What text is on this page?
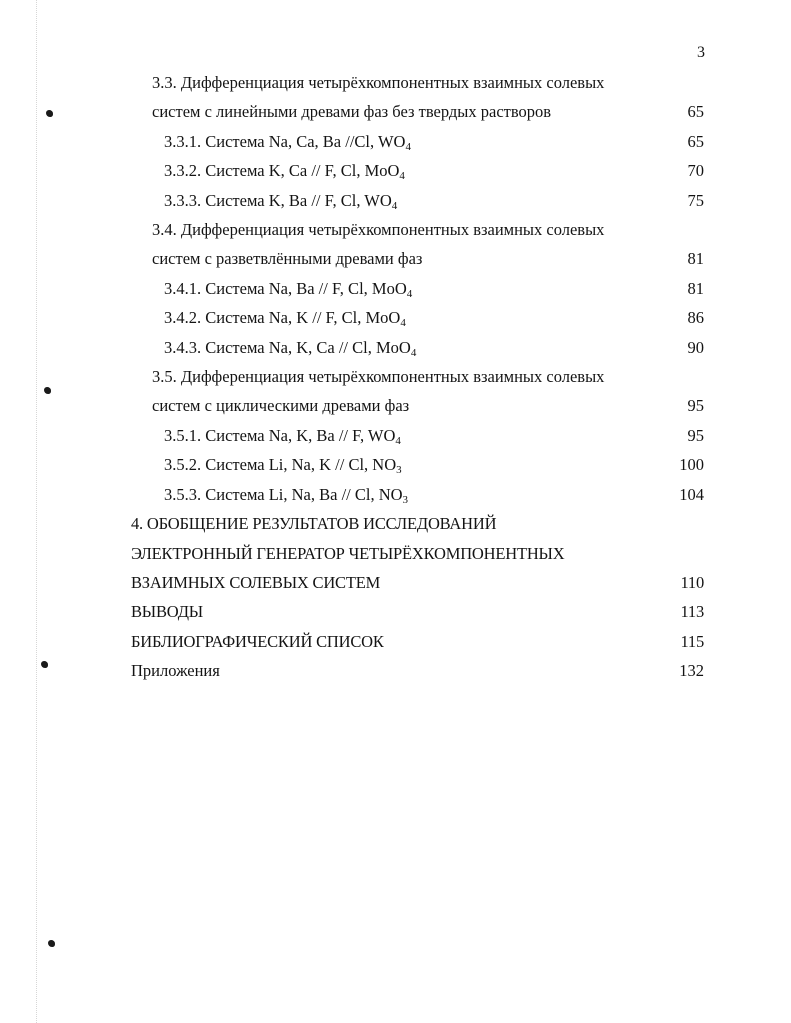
3
3.3. Дифференциация четырёхкомпонентных взаимных солевых
систем с линейными древами фаз без твердых растворов	65
3.3.1. Система Na, Ca, Ba //Cl, $WO_4$	65
3.3.2. Система K, Ca // F, Cl, MoO$_4$	70
3.3.3. Система K, Ba // F, Cl, $WO_4$	75
3.4. Дифференциация четырёхкомпонентных взаимных солевых
систем с разветвлёнными древами фаз	81
3.4.1. Система Na, Ba // F, Cl, MoO$_4$	81
3.4.2. Система Na, K // F, Cl, MoO$_4$	86
3.4.3. Система Na, K, Ca // Cl, MoO$_4$	90
3.5. Дифференциация четырёхкомпонентных взаимных солевых
систем с циклическими древами фаз	95
3.5.1. Система Na, K, Ba // F, $WO_4$	95
3.5.2. Система Li, Na, K // Cl, $NO_3$	100
3.5.3. Система Li, Na, Ba // Cl, $NO_3$	104
4. ОБОБЩЕНИЕ РЕЗУЛЬТАТОВ ИССЛЕДОВАНИЙ
ЭЛЕКТРОННЫЙ ГЕНЕРАТОР ЧЕТЫРЁХКОМПОНЕНТНЫХ
ВЗАИМНЫХ СОЛЕВЫХ СИСТЕМ	110
ВЫВОДЫ	113
БИБЛИОГРАФИЧЕСКИЙ СПИСОК	115
Приложения	132
